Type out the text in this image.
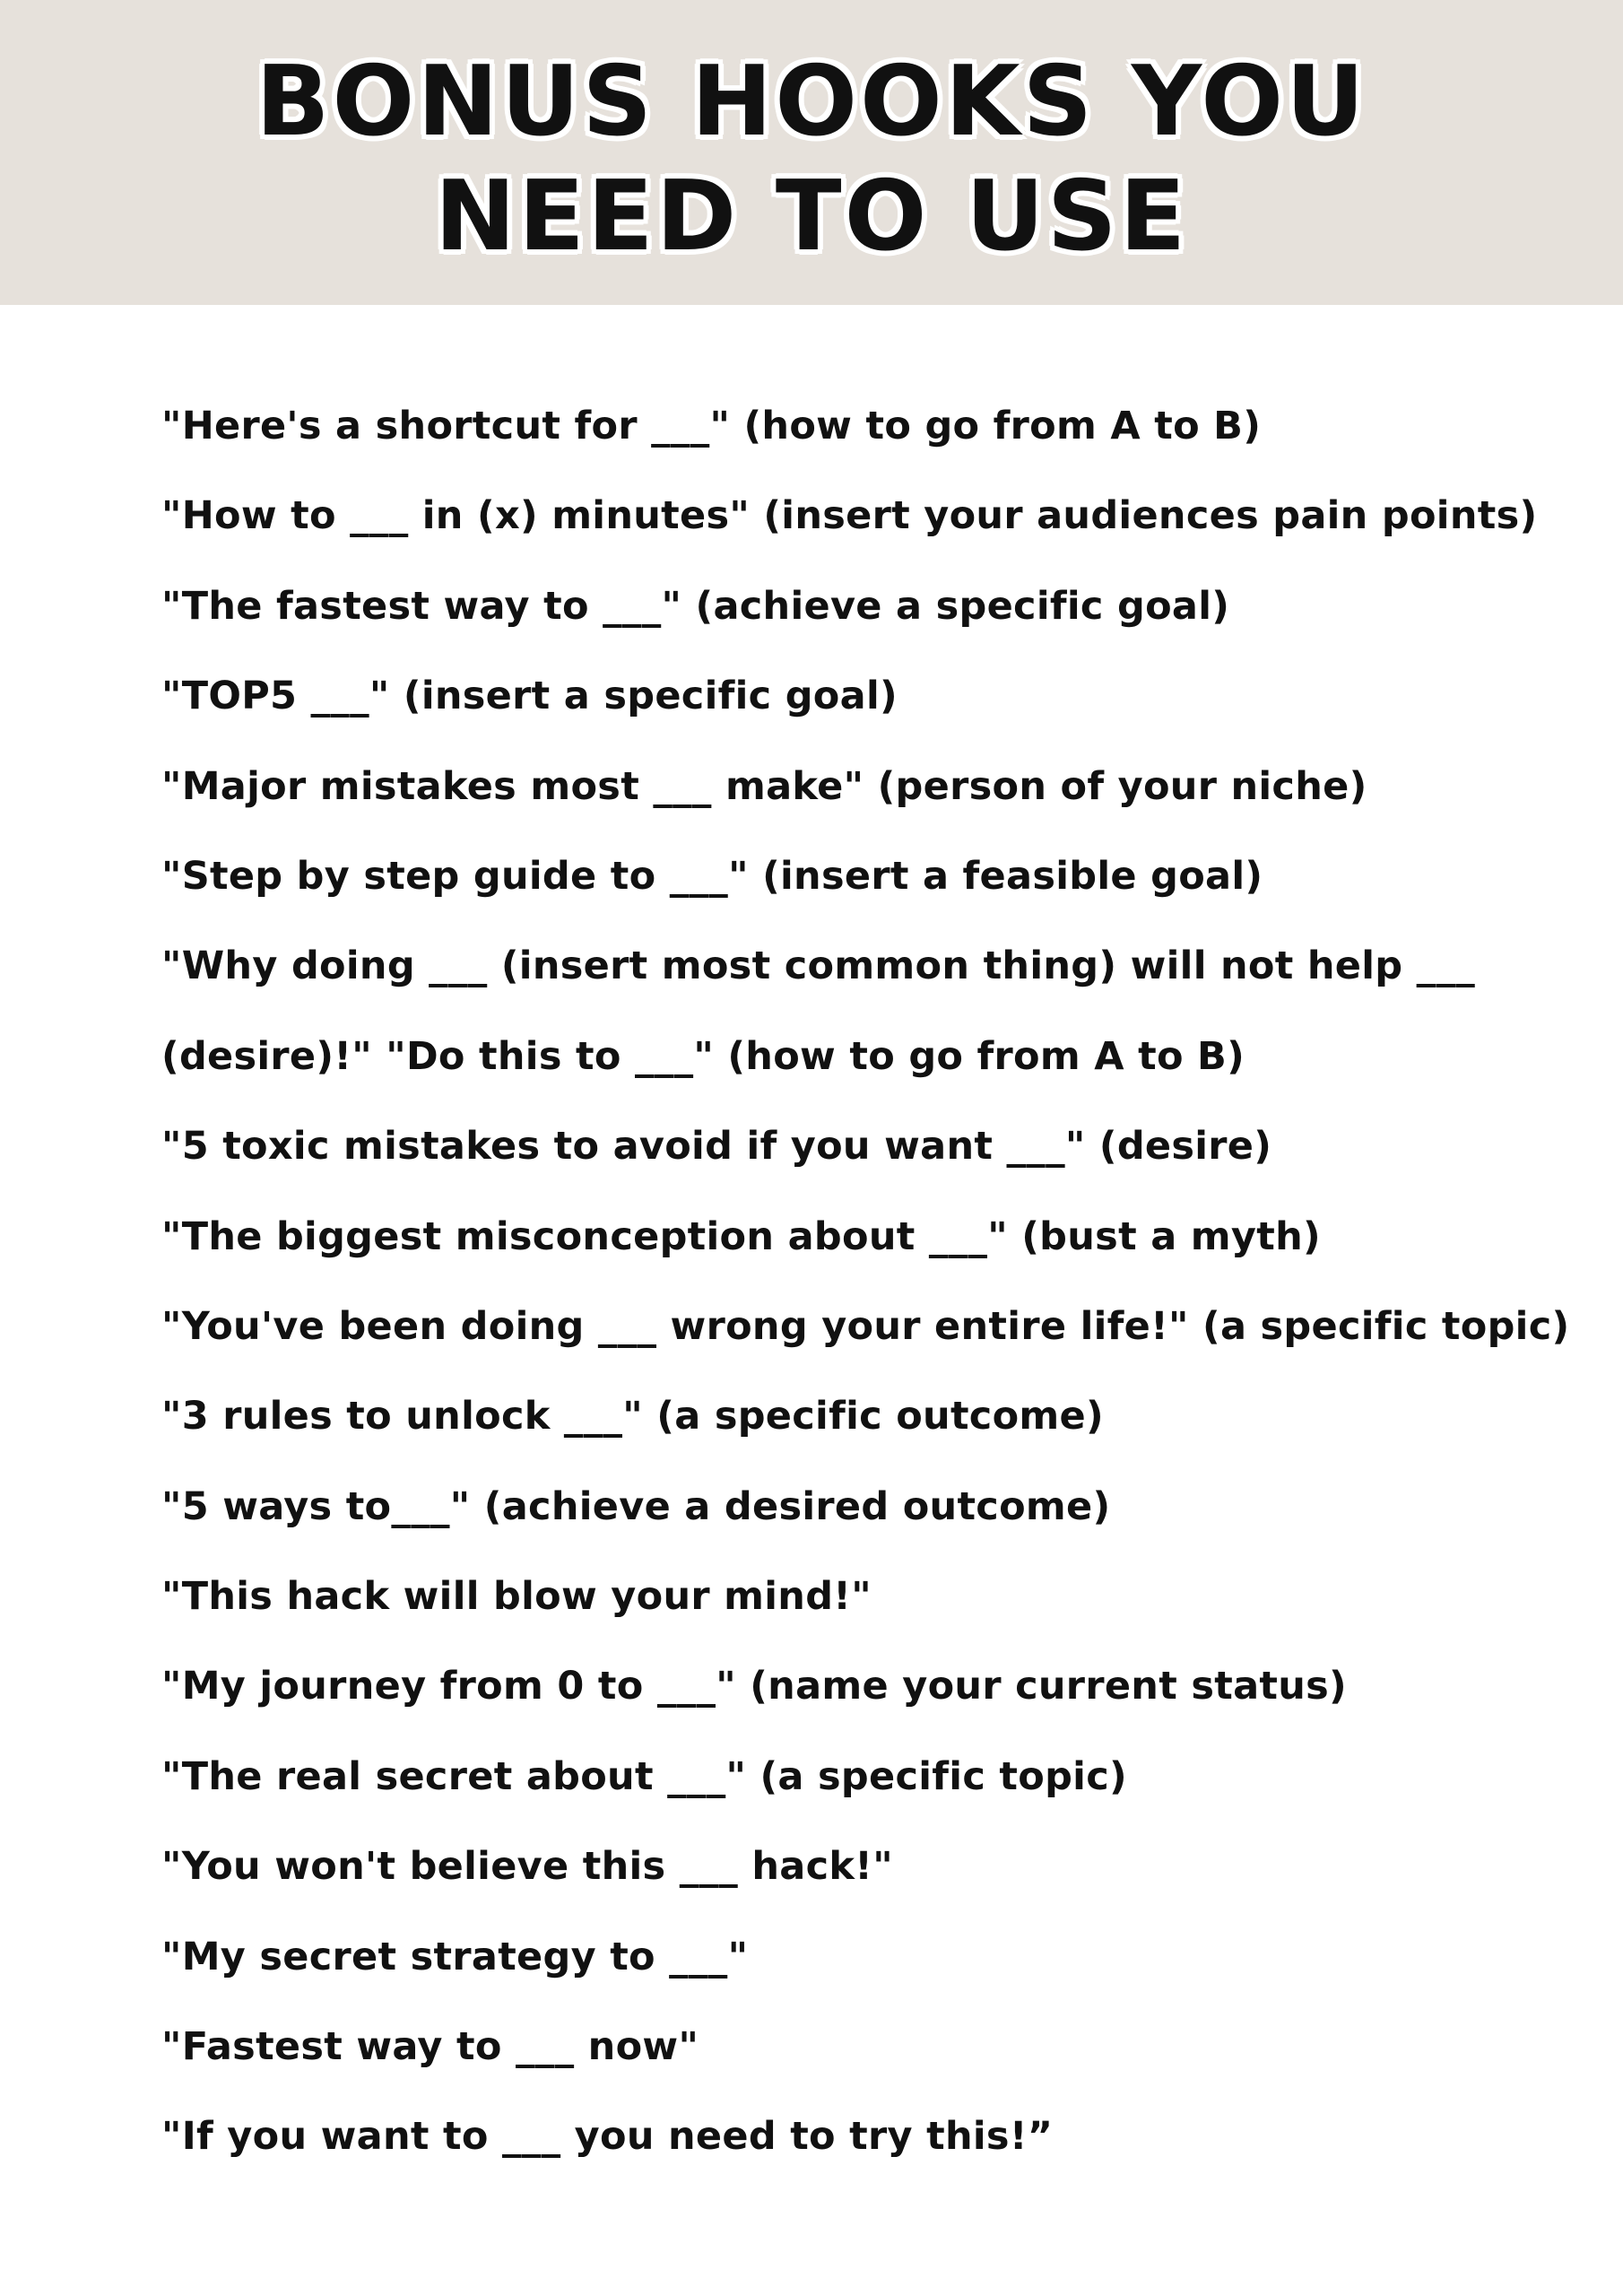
BONUS HOOKS YOU
NEED TO USE
"Here's a shortcut for ___" (how to go from A to B)
"How to ___ in (x) minutes" (insert your audiences pain points)
"The fastest way to ___" (achieve a specific goal)
"TOP5 ___" (insert a specific goal)
"Major mistakes most ___ make" (person of your niche)
"Step by step guide to ___" (insert a feasible goal)
"Why doing ___ (insert most common thing) will not help ___
(desire)!" "Do this to ___" (how to go from A to B)
"5 toxic mistakes to avoid if you want ___" (desire)
"The biggest misconception about ___" (bust a myth)
"You've been doing ___ wrong your entire life!" (a specific topic)
"3 rules to unlock ___" (a specific outcome)
"5 ways to___" (achieve a desired outcome)
"This hack will blow your mind!"
"My journey from 0 to ___" (name your current status)
"The real secret about ___" (a specific topic)
"You won't believe this ___ hack!"
"My secret strategy to ___"
"Fastest way to ___ now"
"If you want to ___ you need to try this!”
